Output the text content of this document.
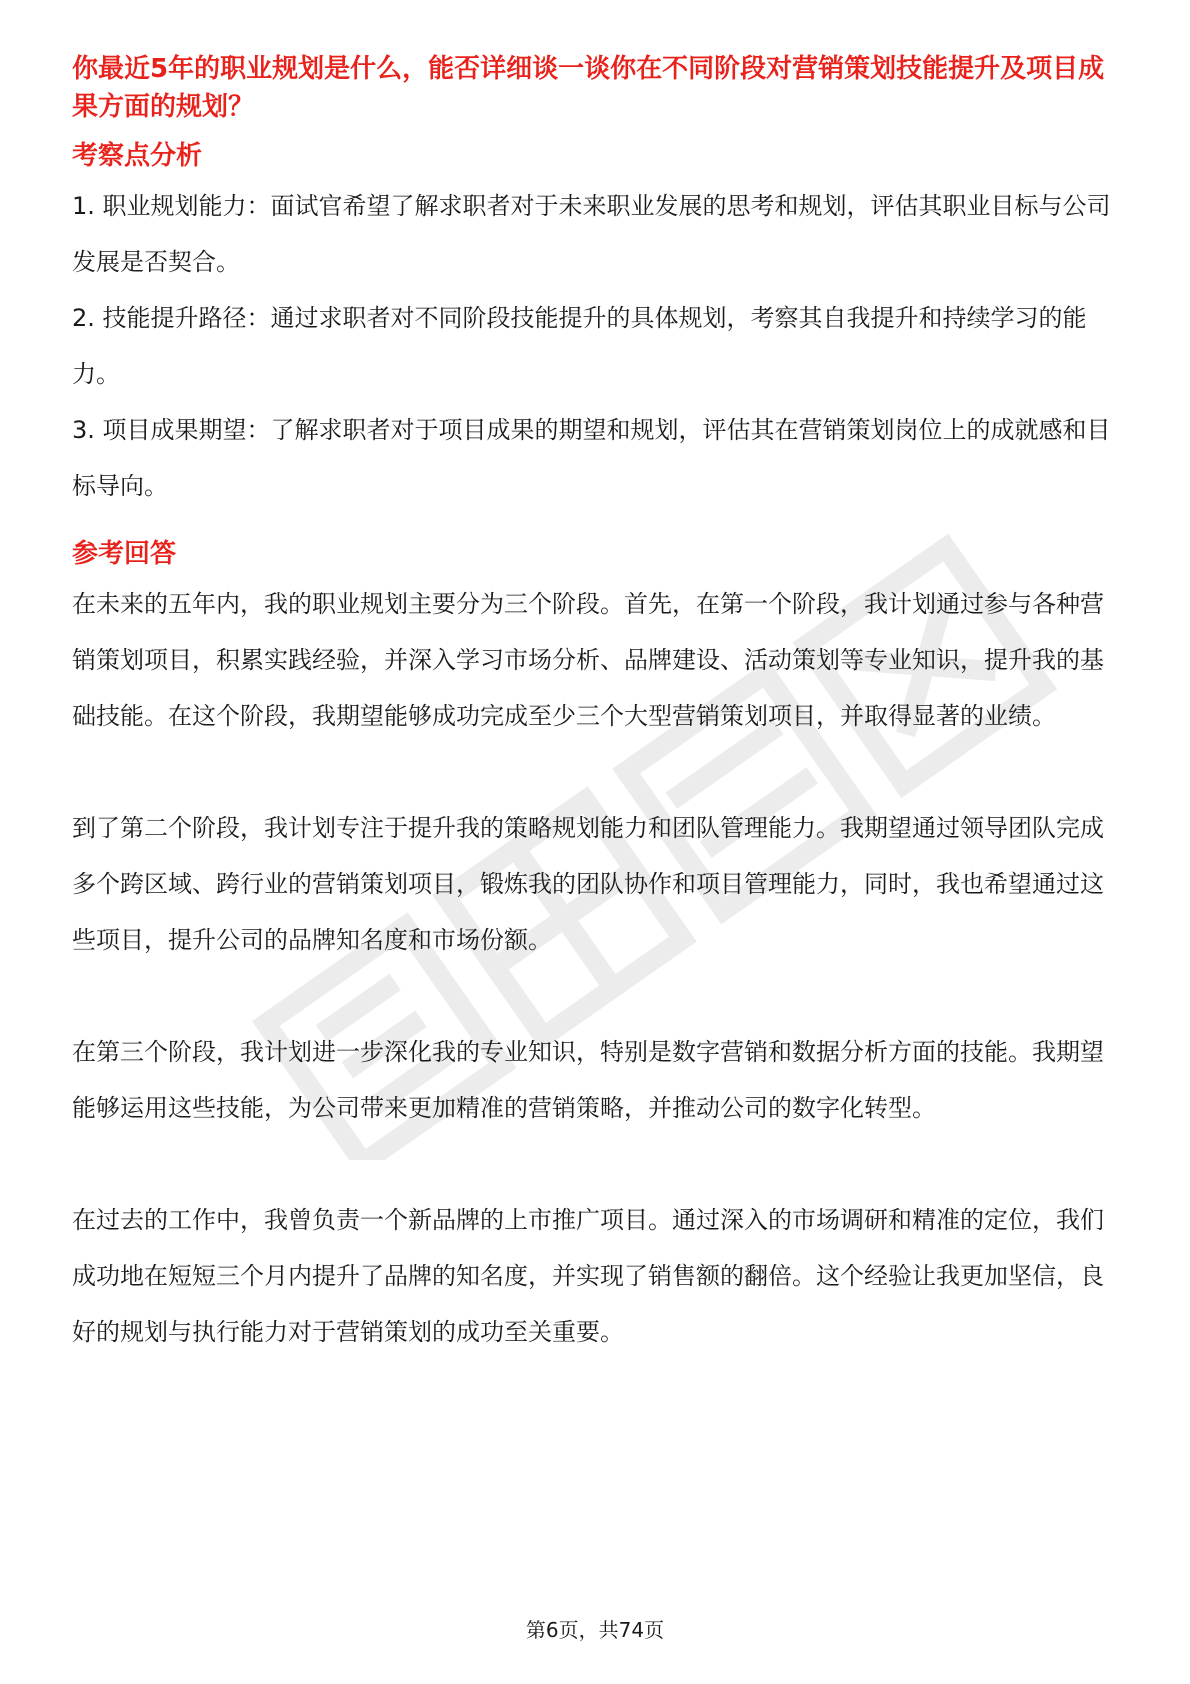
你最近5年的职业规划是什么，能否详细谈一谈你在不同阶段对营销策划技能提升及项目成果方面的规划？

考察点分析

1. 职业规划能力：面试官希望了解求职者对于未来职业发展的思考和规划，评估其职业目标与公司发展是否契合。

2. 技能提升路径：通过求职者对不同阶段技能提升的具体规划，考察其自我提升和持续学习的能力。

3. 项目成果期望：了解求职者对于项目成果的期望和规划，评估其在营销策划岗位上的成就感和目标导向。

参考回答

在未来的五年内，我的职业规划主要分为三个阶段。首先，在第一个阶段，我计划通过参与各种营销策划项目，积累实践经验，并深入学习市场分析、品牌建设、活动策划等专业知识，提升我的基础技能。在这个阶段，我期望能够成功完成至少三个大型营销策划项目，并取得显著的业绩。

到了第二个阶段，我计划专注于提升我的策略规划能力和团队管理能力。我期望通过领导团队完成多个跨区域、跨行业的营销策划项目，锻炼我的团队协作和项目管理能力，同时，我也希望通过这些项目，提升公司的品牌知名度和市场份额。

在第三个阶段，我计划进一步深化我的专业知识，特别是数字营销和数据分析方面的技能。我期望能够运用这些技能，为公司带来更加精准的营销策略，并推动公司的数字化转型。

在过去的工作中，我曾负责一个新品牌的上市推广项目。通过深入的市场调研和精准的定位，我们成功地在短短三个月内提升了品牌的知名度，并实现了销售额的翻倍。这个经验让我更加坚信，良好的规划与执行能力对于营销策划的成功至关重要。

第6页，共74页
